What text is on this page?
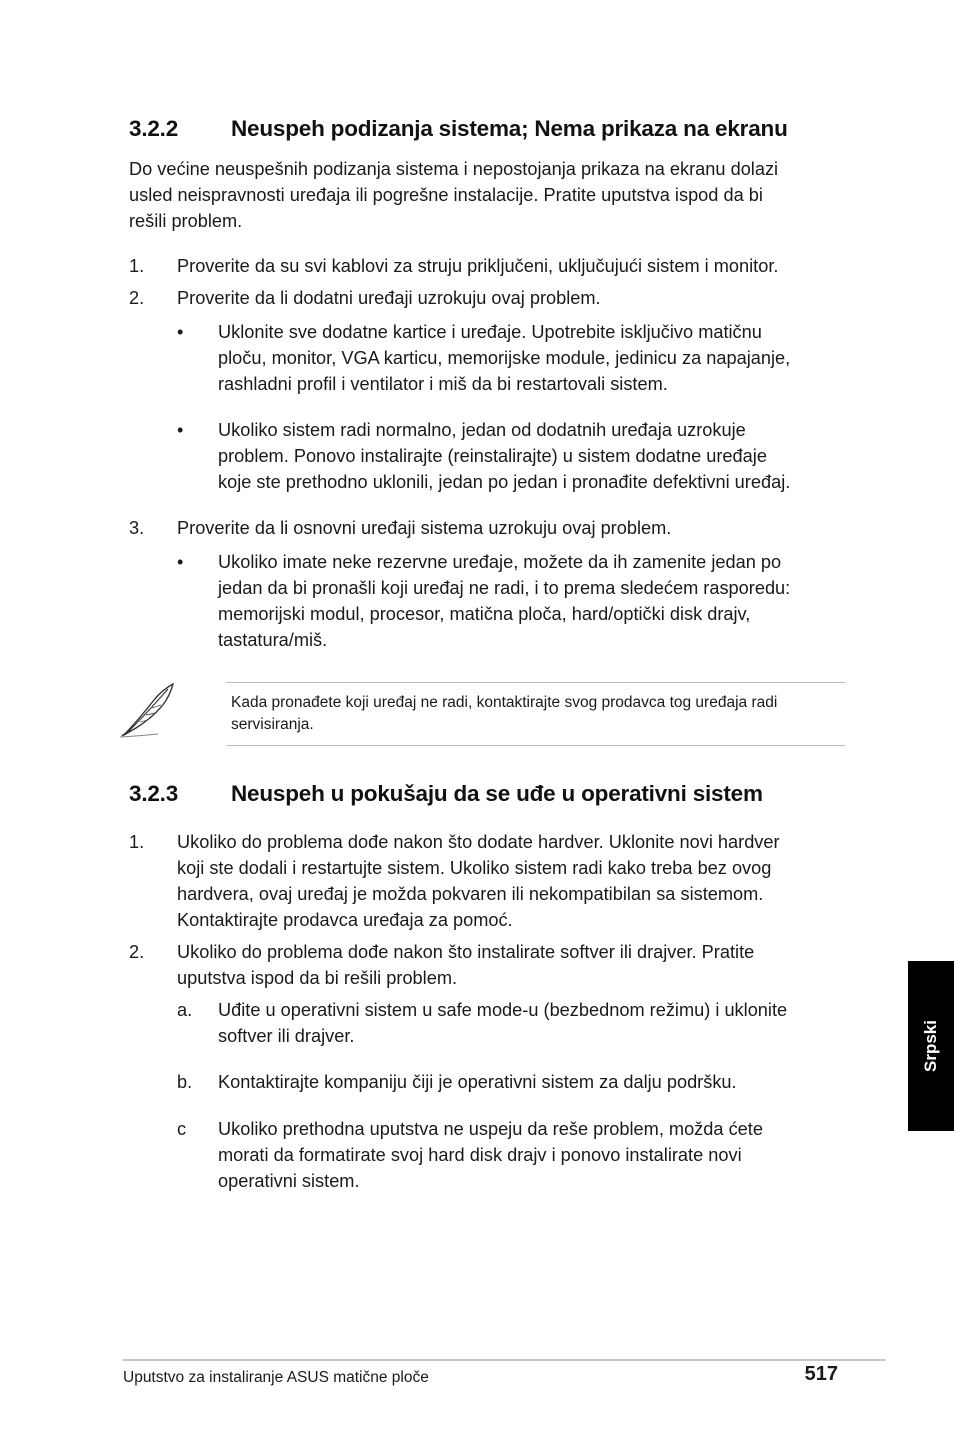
3.2.2 Neuspeh podizanja sistema; Nema prikaza na ekranu
Do većine neuspešnih podizanja sistema i nepostojanja prikaza na ekranu dolazi
usled neispravnosti uređaja ili pogrešne instalacije. Pratite uputstva ispod da bi
rešili problem.
1. Proverite da su svi kablovi za struju priključeni, uključujući sistem i monitor.
2. Proverite da li dodatni uređaji uzrokuju ovaj problem.
• Uklonite sve dodatne kartice i uređaje. Upotrebite isključivo matičnu
ploču, monitor, VGA karticu, memorijske module, jedinicu za napajanje,
rashladni profil i ventilator i miš da bi restartovali sistem.
• Ukoliko sistem radi normalno, jedan od dodatnih uređaja uzrokuje
problem. Ponovo instalirajte (reinstalirajte) u sistem dodatne uređaje
koje ste prethodno uklonili, jedan po jedan i pronađite defektivni uređaj.
3. Proverite da li osnovni uređaji sistema uzrokuju ovaj problem.
• Ukoliko imate neke rezervne uređaje, možete da ih zamenite jedan po
jedan da bi pronašli koji uređaj ne radi, i to prema sledećem rasporedu:
memorijski modul, procesor, matična ploča, hard/optički disk drajv,
tastatura/miš.
Kada pronađete koji uređaj ne radi, kontaktirajte svog prodavca tog uređaja radi
servisiranja.
3.2.3 Neuspeh u pokušaju da se uđe u operativni sistem
1. Ukoliko do problema dođe nakon što dodate hardver. Uklonite novi hardver
koji ste dodali i restartujte sistem. Ukoliko sistem radi kako treba bez ovog
hardvera, ovaj uređaj je možda pokvaren ili nekompatibilan sa sistemom.
Kontaktirajte prodavca uređaja za pomoć.
2. Ukoliko do problema dođe nakon što instalirate softver ili drajver. Pratite
uputstva ispod da bi rešili problem.
a. Uđite u operativni sistem u safe mode-u (bezbednom režimu) i uklonite
softver ili drajver.
b. Kontaktirajte kompaniju čiji je operativni sistem za dalju podršku.
c Ukoliko prethodna uputstva ne uspeju da reše problem, možda ćete
morati da formatirate svoj hard disk drajv i ponovo instalirate novi
operativni sistem.
Srpski
Uputstvo za instaliranje ASUS matične ploče	517
